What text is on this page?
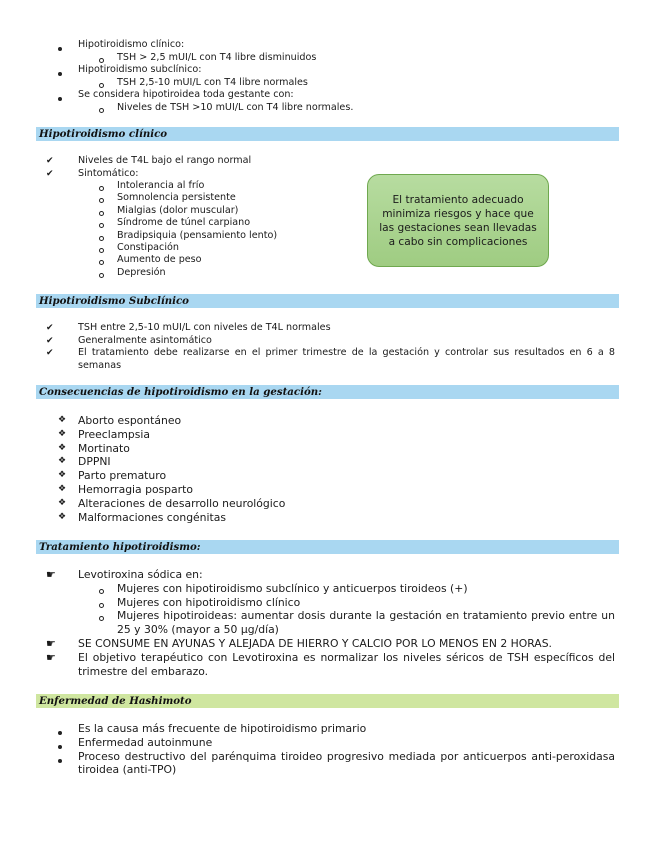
Hipotiroidismo clínico:
TSH > 2,5 mUI/L con T4 libre disminuidos
Hipotiroidismo subclínico:
TSH 2,5-10 mUI/L con T4 libre normales
Se considera hipotiroidea toda gestante con:
Niveles de TSH >10 mUI/L con T4 libre normales.
Hipotiroidismo clínico
✔	Niveles de T4L bajo el rango normal
✔	Sintomático:
Intolerancia al frío
Somnolencia persistente
Mialgias (dolor muscular)
Síndrome de túnel carpiano
Bradipsiquia (pensamiento lento)
Constipación
Aumento de peso
Depresión
El tratamiento adecuado minimiza riesgos y hace que las gestaciones sean llevadas a cabo sin complicaciones
Hipotiroidismo Subclínico
✔	TSH entre 2,5-10 mUI/L con niveles de T4L normales
✔	Generalmente asintomático
✔	El tratamiento debe realizarse en el primer trimestre de la gestación y controlar sus resultados en 6 a 8 semanas
Consecuencias de hipotiroidismo en la gestación:
❖ Aborto espontáneo
❖ Preeclampsia
❖ Mortinato
❖ DPPNI
❖ Parto prematuro
❖ Hemorragia posparto
❖ Alteraciones de desarrollo neurológico
❖ Malformaciones congénitas
Tratamiento hipotiroidismo:
☛ Levotiroxina sódica en:
Mujeres con hipotiroidismo subclínico y anticuerpos tiroideos (+)
Mujeres con hipotiroidismo clínico
Mujeres hipotiroideas: aumentar dosis durante la gestación en tratamiento previo entre un 25 y 30% (mayor a 50 µg/día)
☛ SE CONSUME EN AYUNAS Y ALEJADA DE HIERRO Y CALCIO POR LO MENOS EN 2 HORAS.
☛ El objetivo terapéutico con Levotiroxina es normalizar los niveles séricos de TSH específicos del trimestre del embarazo.
Enfermedad de Hashimoto
Es la causa más frecuente de hipotiroidismo primario
Enfermedad autoinmune
Proceso destructivo del parénquima tiroideo progresivo mediada por anticuerpos anti-peroxidasa tiroidea (anti-TPO)
